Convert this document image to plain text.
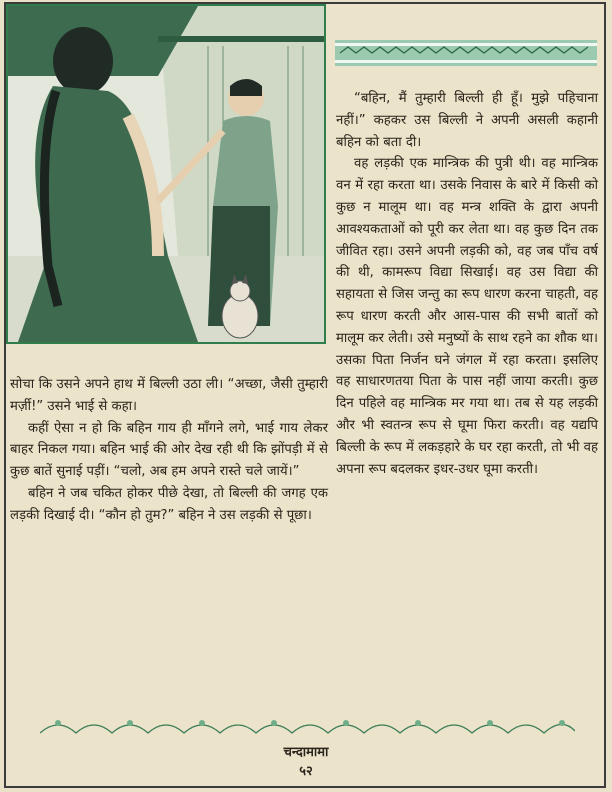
“बहिन, मैं तुम्हारी बिल्ली ही हूँ। मुझे पहिचाना नहीं।” कहकर उस बिल्ली ने अपनी असली कहानी बहिन को बता दी।

वह लड़की एक मान्त्रिक की पुत्री थी। वह मान्त्रिक वन में रहा करता था। उसके निवास के बारे में किसी को कुछ न मालूम था। वह मन्त्र शक्ति के द्वारा अपनी आवश्यकताओं को पूरी कर लेता था। वह कुछ दिन तक जीवित रहा। उसने अपनी लड़की को, वह जब पाँच वर्ष की थी, कामरूप विद्या सिखाई। वह उस विद्या की सहायता से जिस जन्तु का रूप धारण करना चाहती, वह रूप धारण करती और आस-पास की सभी बातों को मालूम कर लेती। उसे मनुष्यों के साथ रहने का शौक था। उसका पिता निर्जन घने जंगल में रहा करता। इसलिए वह साधारणतया पिता के पास नहीं जाया करती। कुछ दिन पहिले वह मान्त्रिक मर गया था। तब से यह लड़की और भी स्वतन्त्र रूप से घूमा फिरा करती। वह यद्यपि बिल्ली के रूप में लकड़हारे के घर रहा करती, तो भी वह अपना रूप बदलकर इधर-उधर घूमा करती।

सोचा कि उसने अपने हाथ में बिल्ली उठा ली। “अच्छा, जैसी तुम्हारी मर्ज़ी!” उसने भाई से कहा।

कहीं ऐसा न हो कि बहिन गाय ही माँगने लगे, भाई गाय लेकर बाहर निकल गया। बहिन भाई की ओर देख रही थी कि झोंपड़ी में से कुछ बातें सुनाई पड़ीं। “चलो, अब हम अपने रास्ते चले जायें।”

बहिन ने जब चकित होकर पीछे देखा, तो बिल्ली की जगह एक लड़की दिखाई दी। “कौन हो तुम?” बहिन ने उस लड़की से पूछा।

चन्दामामा
५२
